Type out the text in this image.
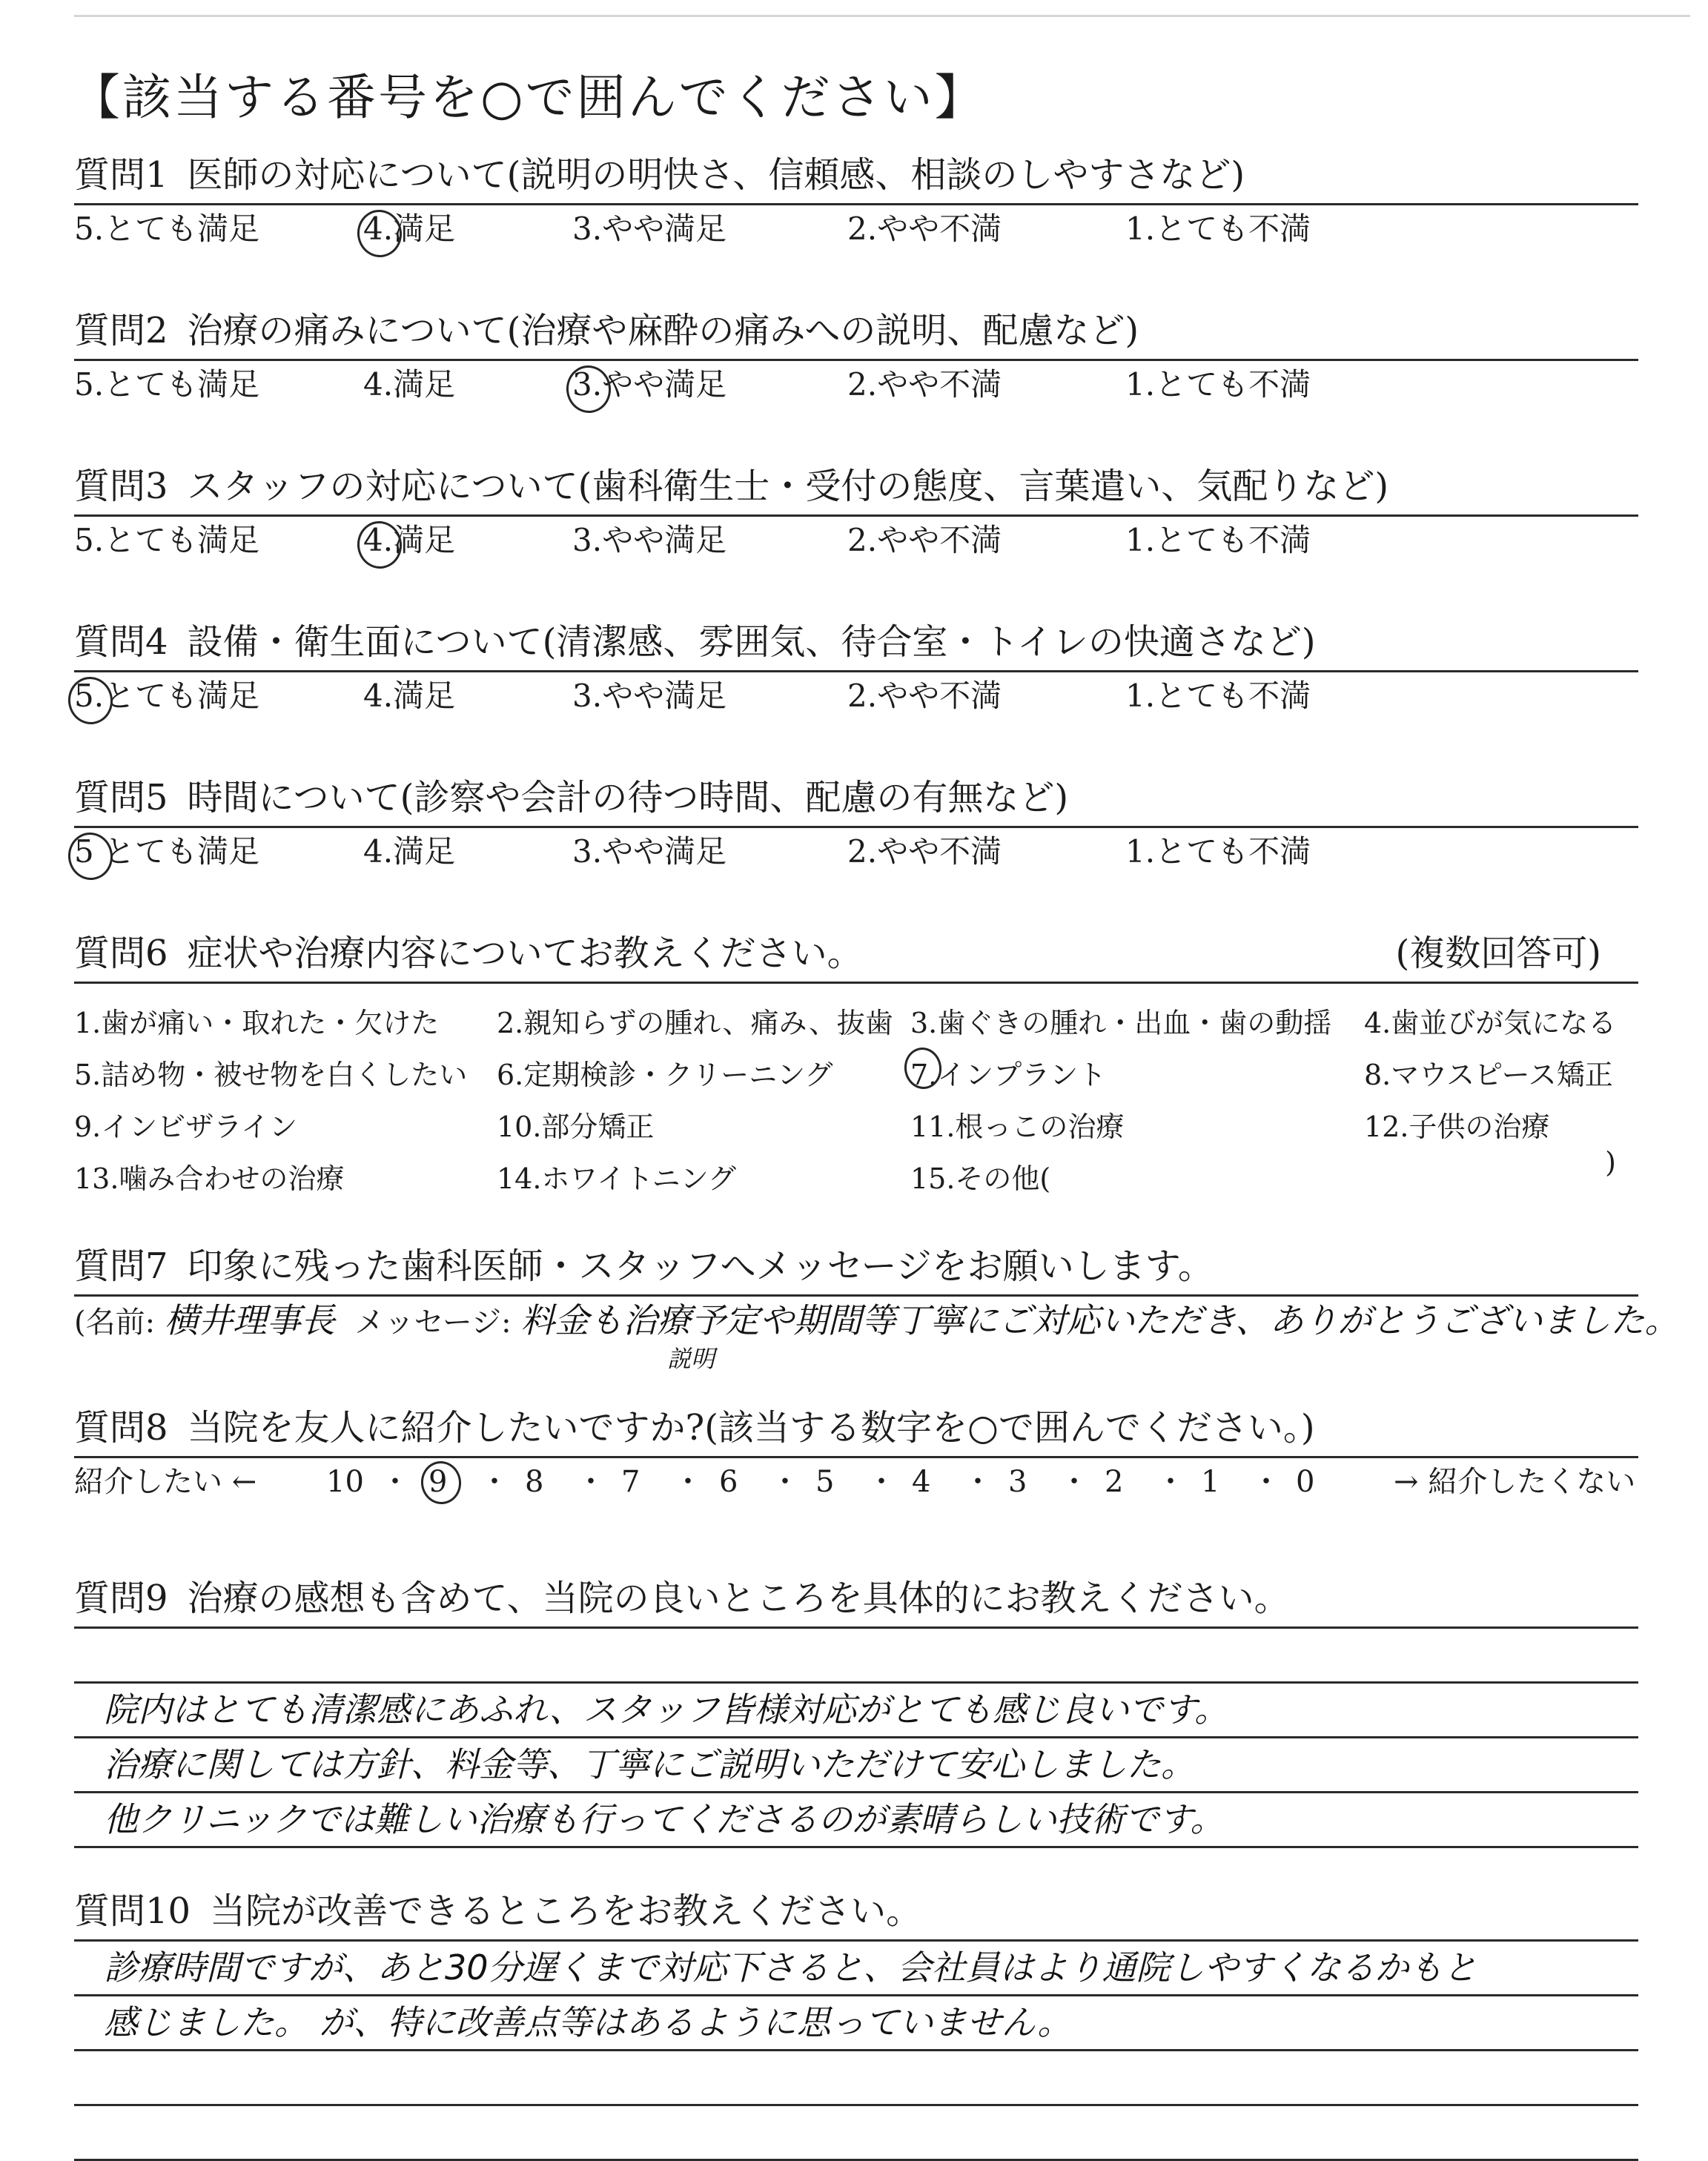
【該当する番号を○で囲んでください】
質問1 医師の対応について(説明の明快さ、信頼感、相談のしやすさなど)
5.とても満足	4.満足	3.やや満足	2.やや不満	1.とても不満
質問2 治療の痛みについて(治療や麻酔の痛みへの説明、配慮など)
5.とても満足	4.満足	3.やや満足	2.やや不満	1.とても不満
質問3 スタッフの対応について(歯科衛生士・受付の態度、言葉遣い、気配りなど)
5.とても満足	4.満足	3.やや満足	2.やや不満	1.とても不満
質問4 設備・衛生面について(清潔感、雰囲気、待合室・トイレの快適さなど)
5.とても満足	4.満足	3.やや満足	2.やや不満	1.とても不満
質問5 時間について(診察や会計の待つ時間、配慮の有無など)
5 とても満足	4.満足	3.やや満足	2.やや不満	1.とても不満
質問6 症状や治療内容についてお教えください。	(複数回答可)
)
1.歯が痛い・取れた・欠けた 2.親知らずの腫れ、痛み、抜歯 3.歯ぐきの腫れ・出血・歯の動揺 4.歯並びが気になる
5.詰め物・被せ物を白くしたい 6.定期検診・クリーニング	7.インプラント	8.マウスピース矯正
9.インビザライン	10.部分矯正	11.根っこの治療	12.子供の治療
13.噛み合わせの治療	14.ホワイトニング	15.その他(
質問7 印象に残った歯科医師・スタッフへメッセージをお願いします。
(名前: 横井理事長 メッセージ: 料金も治療予定や期間等丁寧にご対応いただき、ありがとうございました。
説明
質問8 当院を友人に紹介したいですか?(該当する数字を○で囲んでください。)
紹介したい ←	→ 紹介したくない
10 ・ 9 ・ 8 ・ 7 ・ 6 ・ 5 ・ 4 ・ 3 ・ 2 ・ 1 ・ 0
質問9 治療の感想も含めて、当院の良いところを具体的にお教えください。
院内はとても清潔感にあふれ、スタッフ皆様対応がとても感じ良いです。
治療に関しては方針、料金等、丁寧にご説明いただけて安心しました。
他クリニックでは難しい治療も行ってくださるのが素晴らしい技術です。
質問10 当院が改善できるところをお教えください。
診療時間ですが、あと30分遅くまで対応下さると、会社員はより通院しやすくなるかもと
感じました。 が、特に改善点等はあるように思っていません。
